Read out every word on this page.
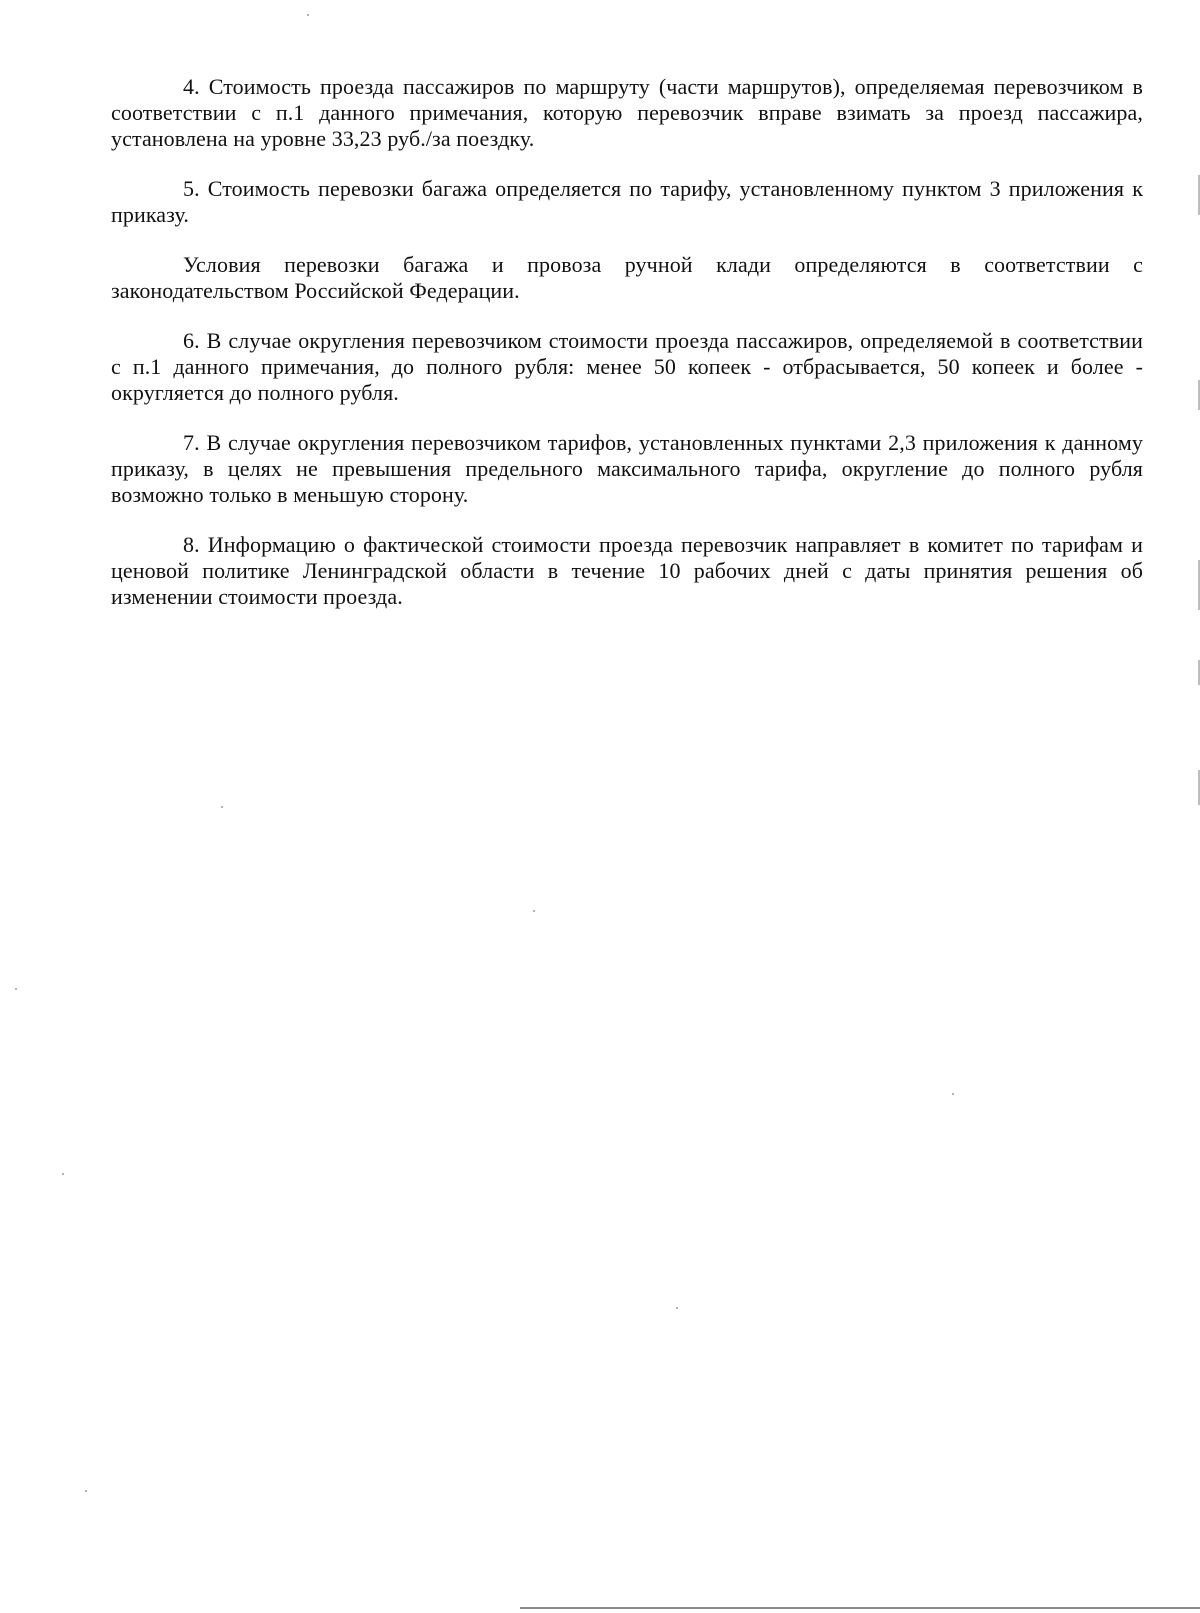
4. Стоимость проезда пассажиров по маршруту (части маршрутов), определяемая перевозчиком в соответствии с п.1 данного примечания, которую перевозчик вправе взимать за проезд пассажира, установлена на уровне 33,23 руб./за поездку.

5. Стоимость перевозки багажа определяется по тарифу, установленному пунктом 3 приложения к приказу.

Условия перевозки багажа и провоза ручной клади определяются в соответствии с законодательством Российской Федерации.

6. В случае округления перевозчиком стоимости проезда пассажиров, определяемой в соответствии с п.1 данного примечания, до полного рубля: менее 50 копеек - отбрасывается, 50 копеек и более - округляется до полного рубля.

7. В случае округления перевозчиком тарифов, установленных пунктами 2,3 приложения к данному приказу, в целях не превышения предельного максимального тарифа, округление до полного рубля возможно только в меньшую сторону.

8. Информацию о фактической стоимости проезда перевозчик направляет в комитет по тарифам и ценовой политике Ленинградской области в течение 10 рабочих дней с даты принятия решения об изменении стоимости проезда.
